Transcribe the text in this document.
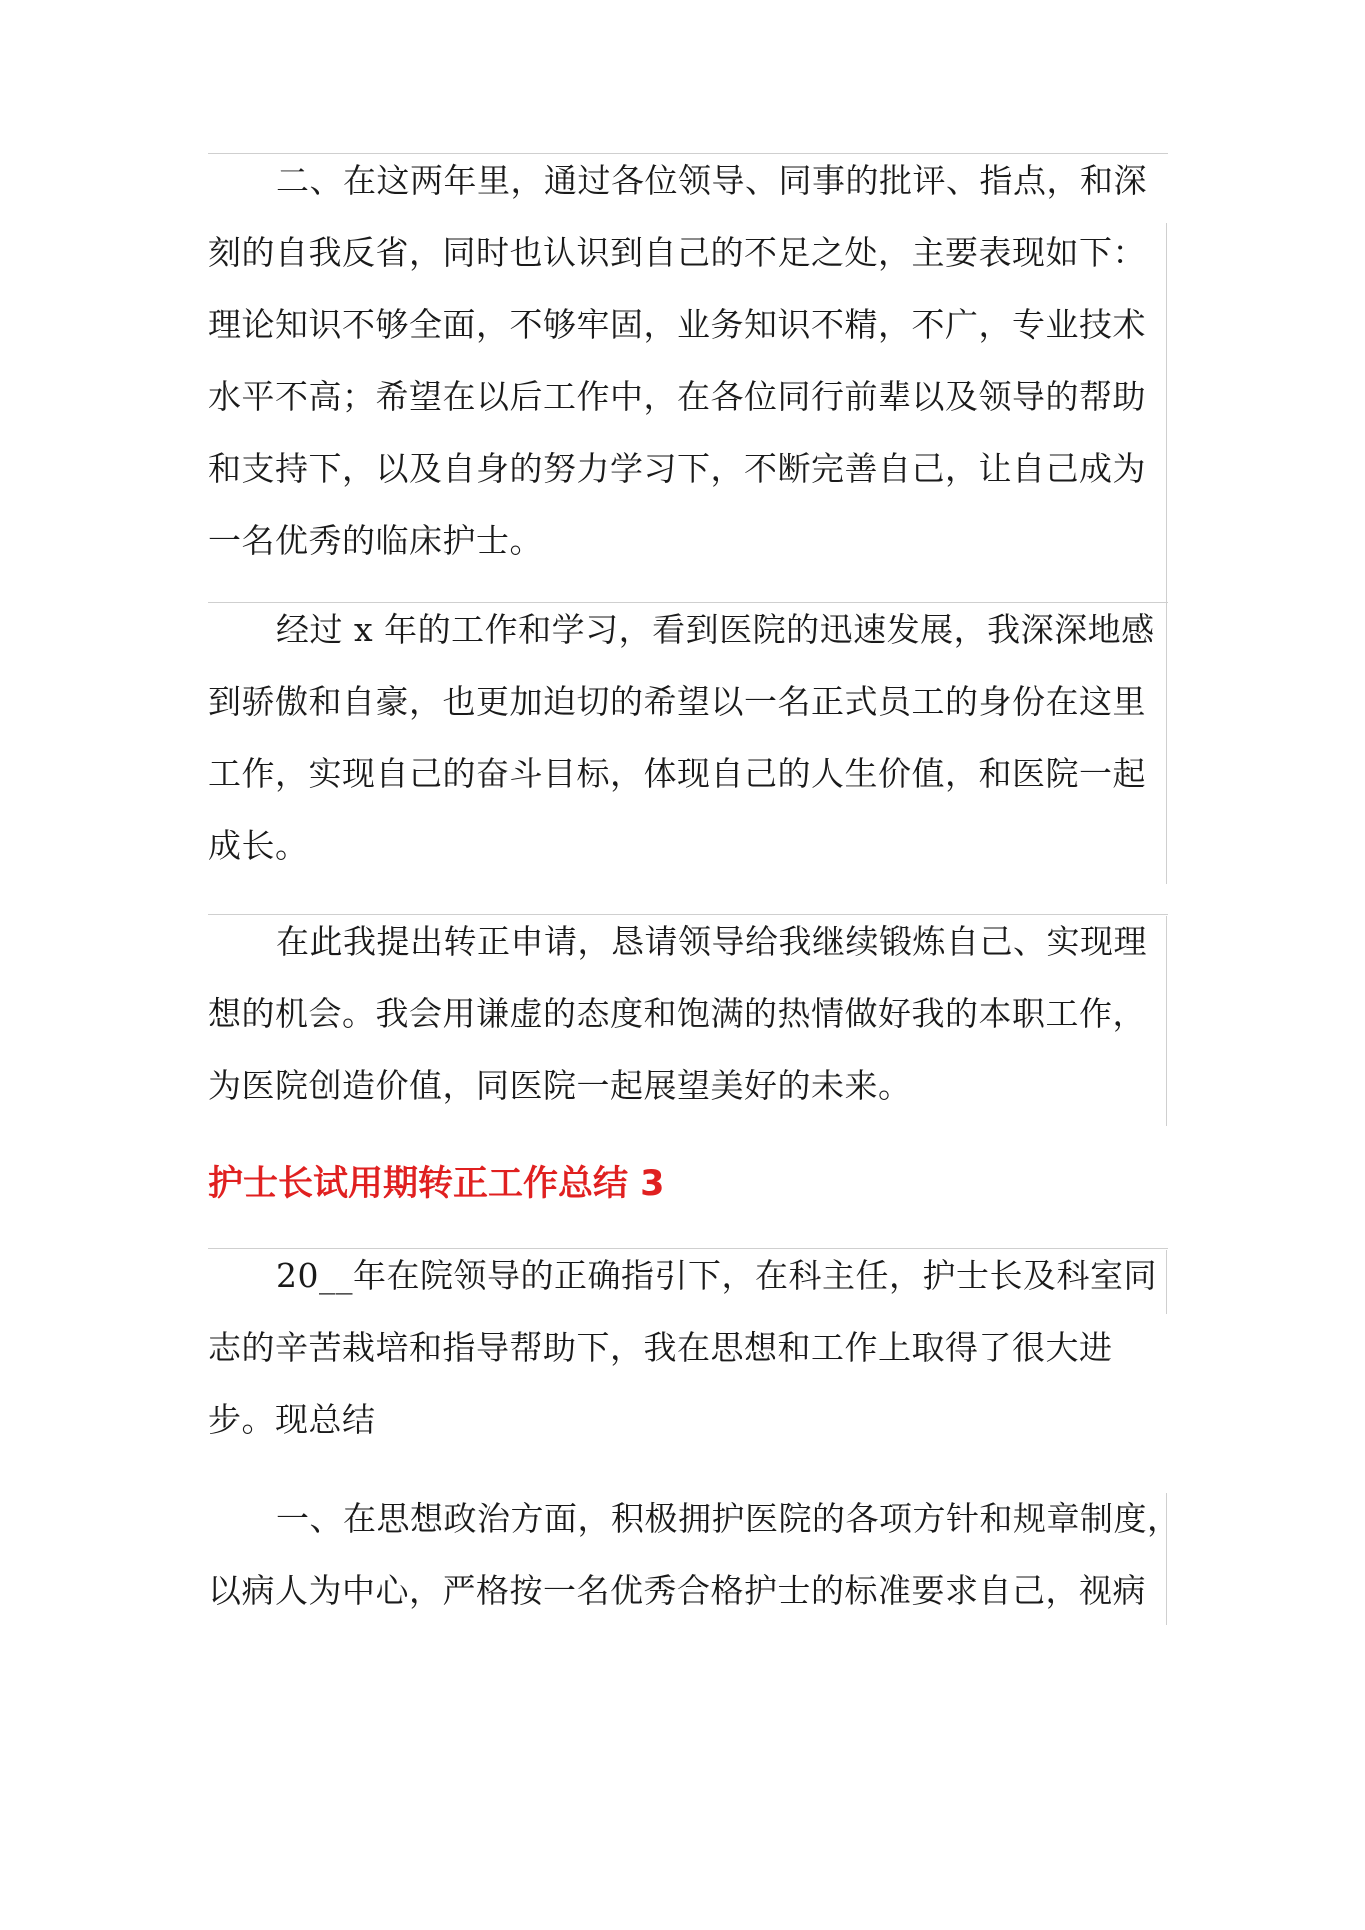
二、在这两年里，通过各位领导、同事的批评、指点，和深
刻的自我反省，同时也认识到自己的不足之处，主要表现如下：
理论知识不够全面，不够牢固，业务知识不精，不广，专业技术
水平不高；希望在以后工作中，在各位同行前辈以及领导的帮助
和支持下，以及自身的努力学习下，不断完善自己，让自己成为
一名优秀的临床护士。
经过 x 年的工作和学习，看到医院的迅速发展，我深深地感
到骄傲和自豪，也更加迫切的希望以一名正式员工的身份在这里
工作，实现自己的奋斗目标，体现自己的人生价值，和医院一起
成长。
在此我提出转正申请，恳请领导给我继续锻炼自己、实现理
想的机会。我会用谦虚的态度和饱满的热情做好我的本职工作，
为医院创造价值，同医院一起展望美好的未来。
护士长试用期转正工作总结 3
20__年在院领导的正确指引下，在科主任，护士长及科室同
志的辛苦栽培和指导帮助下，我在思想和工作上取得了很大进
步。现总结
一、在思想政治方面，积极拥护医院的各项方针和规章制度，
以病人为中心，严格按一名优秀合格护士的标准要求自己，视病
